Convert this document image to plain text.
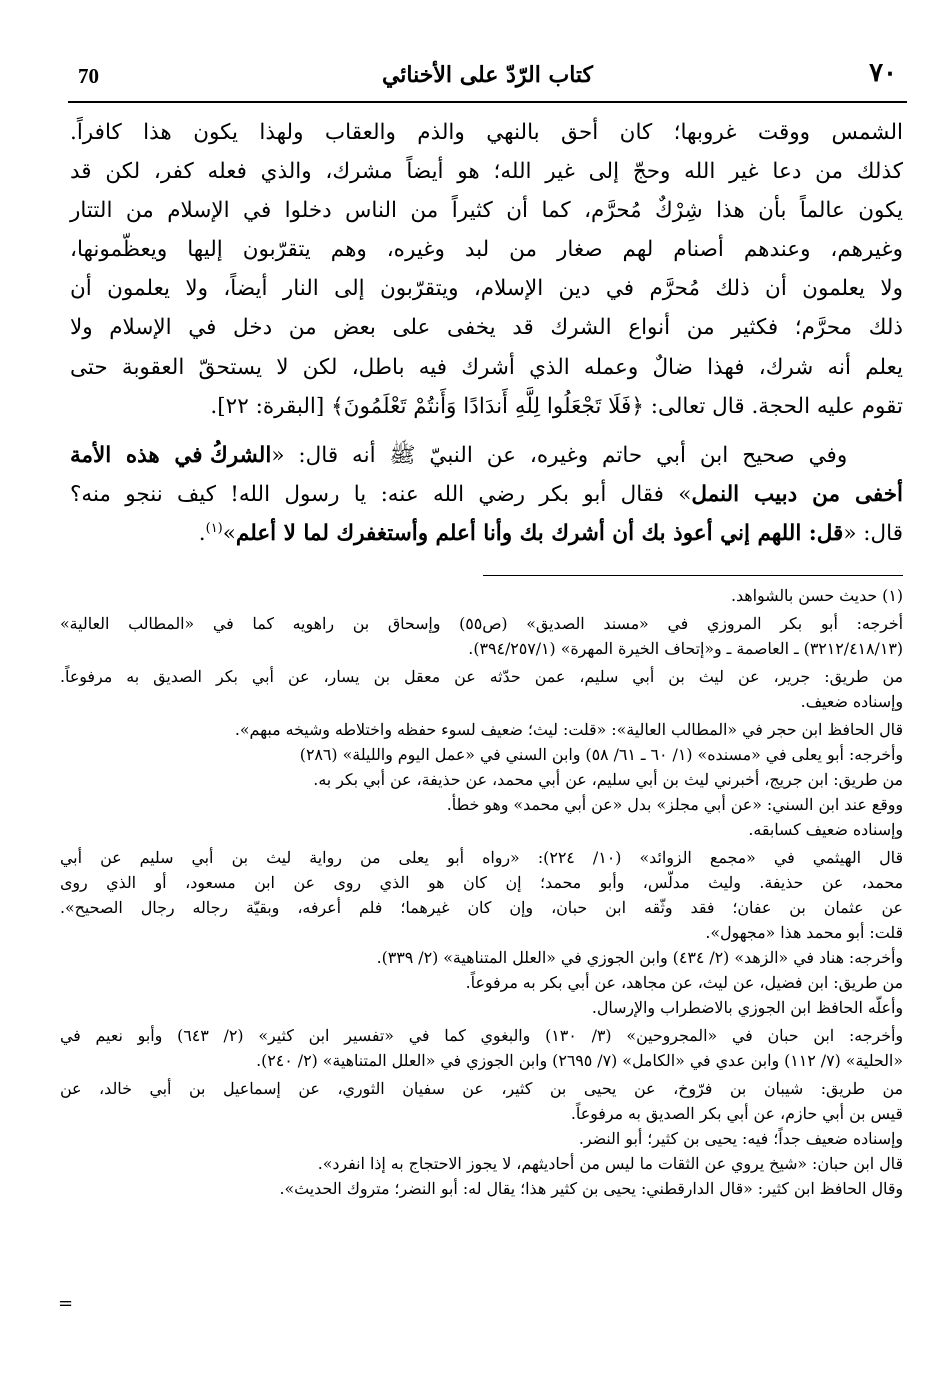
٧٠
كتاب الرّدّ على الأخنائي
70
الشمس ووقت غروبها؛ كان أحق بالنهي والذم والعقاب ولهذا يكون هذا كافراً.
كذلك من دعا غير الله وحجّ إلى غير الله؛ هو أيضاً مشرك، والذي فعله كفر، لكن قد
يكون عالماً بأن هذا شِرْكٌ مُحرَّم، كما أن كثيراً من الناس دخلوا في الإسلام من التتار
وغيرهم، وعندهم أصنام لهم صغار من لبد وغيره، وهم يتقرّبون إليها ويعظّمونها،
ولا يعلمون أن ذلك مُحرَّم في دين الإسلام، ويتقرّبون إلى النار أيضاً، ولا يعلمون أن
ذلك محرَّم؛ فكثير من أنواع الشرك قد يخفى على بعض من دخل في الإسلام ولا
يعلم أنه شرك، فهذا ضالٌ وعمله الذي أشرك فيه باطل، لكن لا يستحقّ العقوبة حتى
تقوم عليه الحجة. قال تعالى: ﴿فَلَا تَجْعَلُوا لِلَّهِ أَندَادًا وَأَنتُمْ تَعْلَمُونَ﴾ [البقرة: ٢٢].
وفي صحيح ابن أبي حاتم وغيره، عن النبيّ ﷺ أنه قال: «الشركُ في هذه الأمة
أخفى من دبيب النمل» فقال أبو بكر رضي الله عنه: يا رسول الله! كيف ننجو منه؟
قال: «قل: اللهم إني أعوذ بك أن أشرك بك وأنا أعلم وأستغفرك لما لا أعلم»$^{(١)}$.
(١) حديث حسن بالشواهد.
أخرجه: أبو بكر المروزي في «مسند الصديق» (ص٥٥) وإسحاق بن راهويه كما في «المطالب العالية»
(٣٢١٢/٤١٨/١٣) ـ العاصمة ـ و«إتحاف الخيرة المهرة» (٣٩٤/٢٥٧/١).
من طريق: جرير، عن ليث بن أبي سليم، عمن حدّثه عن معقل بن يسار، عن أبي بكر الصديق به مرفوعاً.
وإسناده ضعيف.
قال الحافظ ابن حجر في «المطالب العالية»: «قلت: ليث؛ ضعيف لسوء حفظه واختلاطه وشيخه مبهم».
وأخرجه: أبو يعلى في «مسنده» (١/ ٦٠ ـ ٦١/ ٥٨) وابن السني في «عمل اليوم والليلة» (٢٨٦)
من طريق: ابن جريج، أخبرني ليث بن أبي سليم، عن أبي محمد، عن حذيفة، عن أبي بكر به.
ووقع عند ابن السني: «عن أبي مجلز» بدل «عن أبي محمد» وهو خطأ.
وإسناده ضعيف كسابقه.
قال الهيثمي في «مجمع الزوائد» (١٠/ ٢٢٤): «رواه أبو يعلى من رواية ليث بن أبي سليم عن أبي
محمد، عن حذيفة. وليث مدلّس، وأبو محمد؛ إن كان هو الذي روى عن ابن مسعود، أو الذي روى
عن عثمان بن عفان؛ فقد وثّقه ابن حبان، وإن كان غيرهما؛ فلم أعرفه، وبقيّة رجاله رجال الصحيح».
قلت: أبو محمد هذا «مجهول».
وأخرجه: هناد في «الزهد» (٢/ ٤٣٤) وابن الجوزي في «العلل المتناهية» (٢/ ٣٣٩).
من طريق: ابن فضيل، عن ليث، عن مجاهد، عن أبي بكر به مرفوعاً.
وأعلّه الحافظ ابن الجوزي بالاضطراب والإرسال.
وأخرجه: ابن حبان في «المجروحين» (٣/ ١٣٠) والبغوي كما في «تفسير ابن كثير» (٢/ ٦٤٣) وأبو نعيم في
«الحلية» (٧/ ١١٢) وابن عدي في «الكامل» (٧/ ٢٦٩٥) وابن الجوزي في «العلل المتناهية» (٢/ ٢٤٠).
من طريق: شيبان بن فرّوخ، عن يحيى بن كثير، عن سفيان الثوري، عن إسماعيل بن أبي خالد، عن
قيس بن أبي حازم، عن أبي بكر الصديق به مرفوعاً.
وإسناده ضعيف جداً؛ فيه: يحيى بن كثير؛ أبو النضر.
قال ابن حبان: «شيخ يروي عن الثقات ما ليس من أحاديثهم، لا يجوز الاحتجاج به إذا انفرد».
وقال الحافظ ابن كثير: «قال الدارقطني: يحيى بن كثير هذا؛ يقال له: أبو النضر؛ متروك الحديث».
=
